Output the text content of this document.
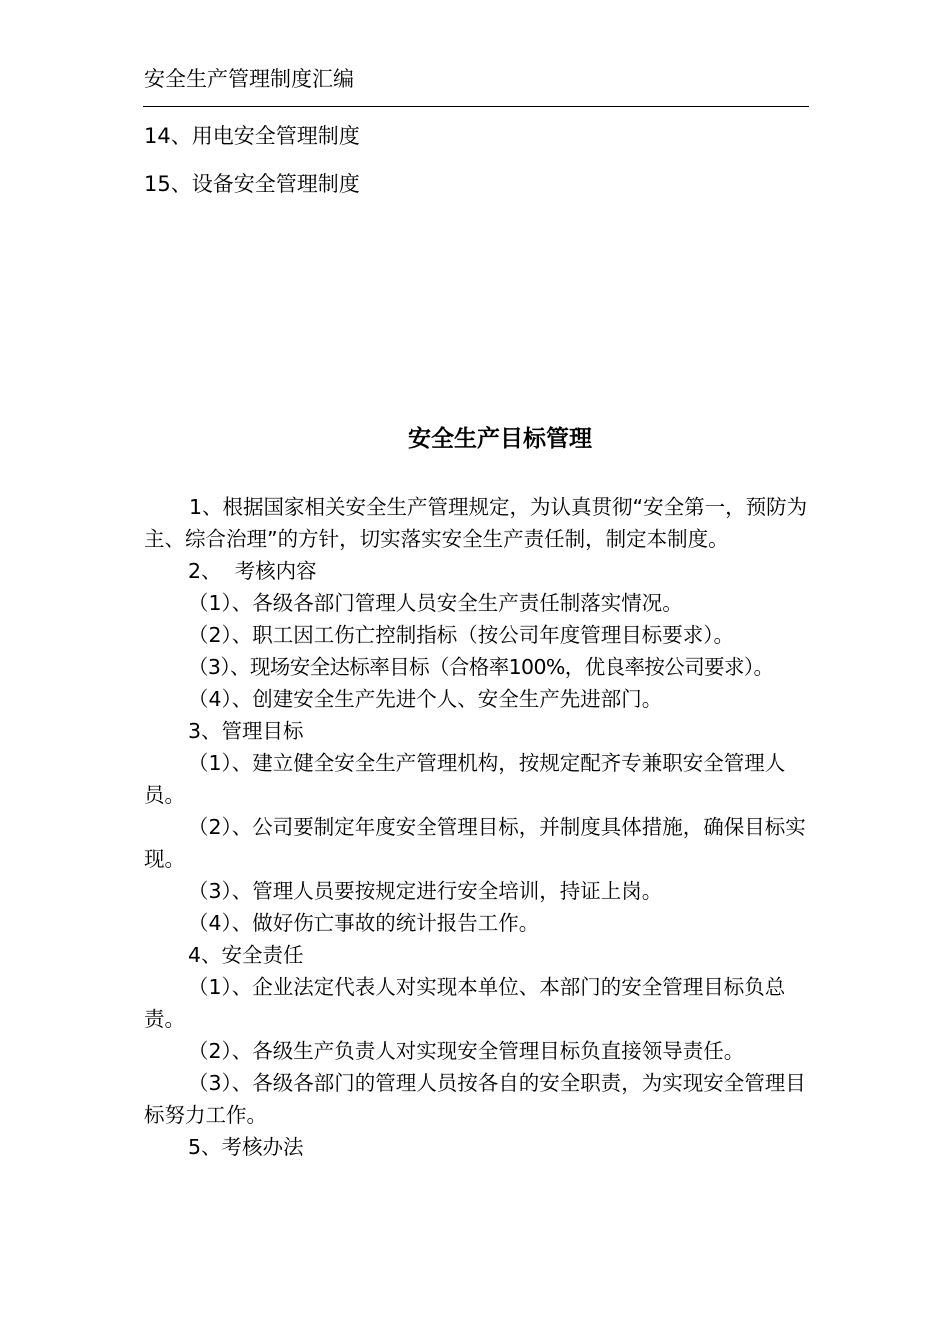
安全生产管理制度汇编
14、用电安全管理制度
15、设备安全管理制度
安全生产目标管理

1、根据国家相关安全生产管理规定，为认真贯彻“安全第一，预防为主、综合治理”的方针，切实落实安全生产责任制，制定本制度。

2、  考核内容

（1）、各级各部门管理人员安全生产责任制落实情况。

（2）、职工因工伤亡控制指标（按公司年度管理目标要求）。

（3）、现场安全达标率目标（合格率100%，优良率按公司要求）。

（4）、创建安全生产先进个人、安全生产先进部门。

3、管理目标

（1）、建立健全安全生产管理机构，按规定配齐专兼职安全管理人员。

（2）、公司要制定年度安全管理目标，并制度具体措施，确保目标实现。

（3）、管理人员要按规定进行安全培训，持证上岗。

（4）、做好伤亡事故的统计报告工作。

4、安全责任

（1）、企业法定代表人对实现本单位、本部门的安全管理目标负总责。

（2）、各级生产负责人对实现安全管理目标负直接领导责任。

（3）、各级各部门的管理人员按各自的安全职责，为实现安全管理目标努力工作。

5、考核办法
